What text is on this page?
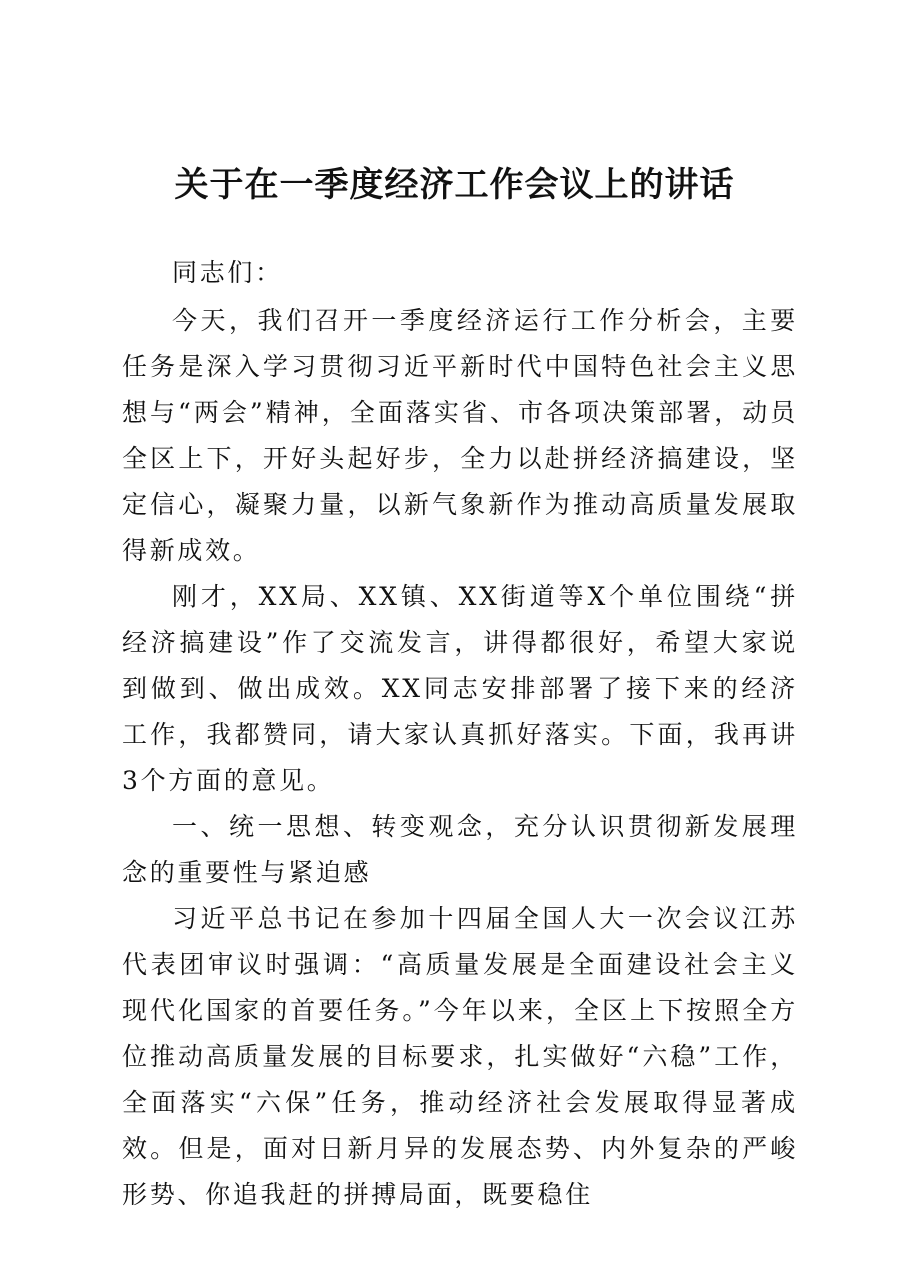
关于在一季度经济工作会议上的讲话

同志们：

今天，我们召开一季度经济运行工作分析会，主要任务是深入学习贯彻习近平新时代中国特色社会主义思想与“两会”精神，全面落实省、市各项决策部署，动员全区上下，开好头起好步，全力以赴拼经济搞建设，坚定信心，凝聚力量，以新气象新作为推动高质量发展取得新成效。

刚才，XX局、XX镇、XX街道等X个单位围绕“拼经济搞建设”作了交流发言，讲得都很好，希望大家说到做到、做出成效。XX同志安排部署了接下来的经济工作，我都赞同，请大家认真抓好落实。下面，我再讲3个方面的意见。

一、统一思想、转变观念，充分认识贯彻新发展理念的重要性与紧迫感

习近平总书记在参加十四届全国人大一次会议江苏代表团审议时强调：“高质量发展是全面建设社会主义现代化国家的首要任务。”今年以来，全区上下按照全方位推动高质量发展的目标要求，扎实做好“六稳”工作，全面落实“六保”任务，推动经济社会发展取得显著成效。但是，面对日新月异的发展态势、内外复杂的严峻形势、你追我赶的拼搏局面，既要稳住
